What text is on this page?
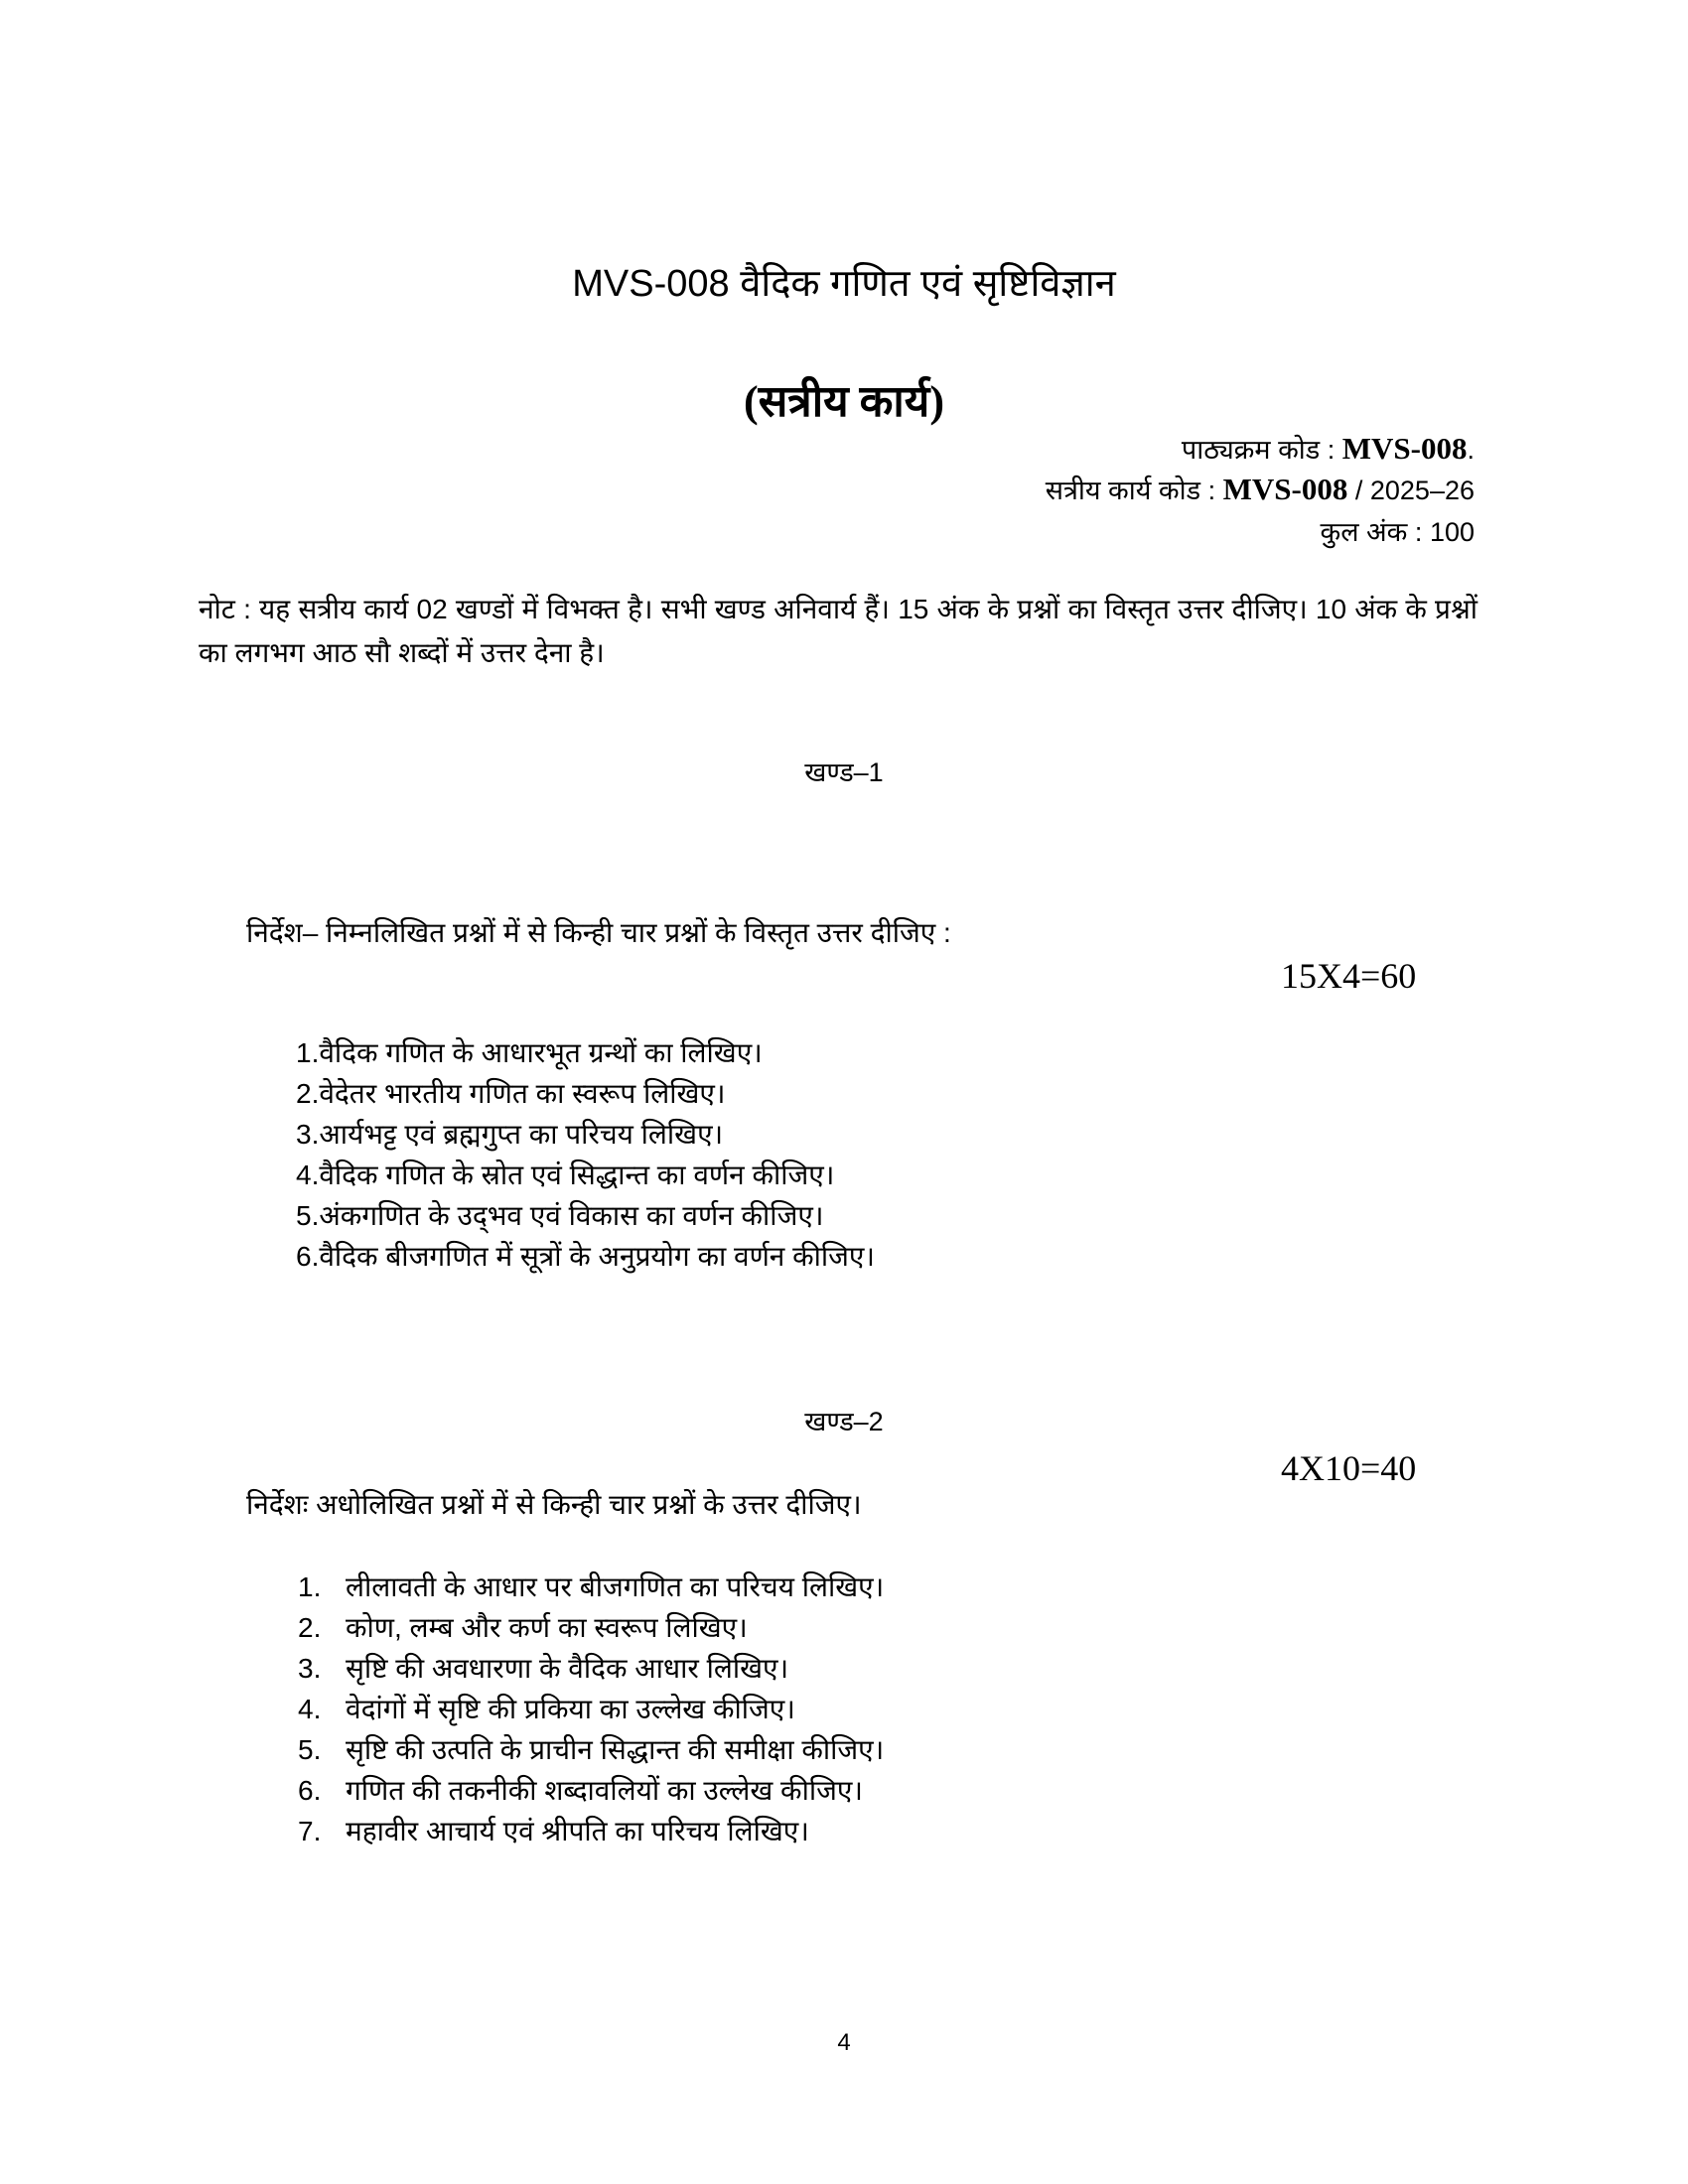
MVS-008 वैदिक गणित एवं सृष्टिविज्ञान
(सत्रीय कार्य)
पाठ्यक्रम कोड : MVS-008.
सत्रीय कार्य कोड : MVS-008 / 2025–26
कुल अंक : 100
नोट : यह सत्रीय कार्य 02 खण्डों में विभक्त है। सभी खण्ड अनिवार्य हैं। 15 अंक के प्रश्नों का विस्तृत उत्तर दीजिए। 10 अंक के प्रश्नों का लगभग आठ सौ शब्दों में उत्तर देना है।
खण्ड–1
निर्देश– निम्नलिखित प्रश्नों में से किन्ही चार प्रश्नों के विस्तृत उत्तर दीजिए :
15X4=60
1.वैदिक गणित के आधारभूत ग्रन्थों का लिखिए।
2.वेदेतर भारतीय गणित का स्वरूप लिखिए।
3.आर्यभट्ट एवं ब्रह्मगुप्त का परिचय लिखिए।
4.वैदिक गणित के स्रोत एवं सिद्धान्त का वर्णन कीजिए।
5.अंकगणित के उद्‌भव एवं विकास का वर्णन कीजिए।
6.वैदिक बीजगणित में सूत्रों के अनुप्रयोग का वर्णन कीजिए।
खण्ड–2
4X10=40
निर्देशः अधोलिखित प्रश्नों में से किन्ही चार प्रश्नों के उत्तर दीजिए।
1. लीलावती के आधार पर बीजगणित का परिचय लिखिए।
2. कोण, लम्ब और कर्ण का स्वरूप लिखिए।
3. सृष्टि की अवधारणा के वैदिक आधार लिखिए।
4. वेदांगों में सृष्टि की प्रकिया का उल्लेख कीजिए।
5. सृष्टि की उत्पति के प्राचीन सिद्धान्त की समीक्षा कीजिए।
6. गणित की तकनीकी शब्दावलियों का उल्लेख कीजिए।
7. महावीर आचार्य एवं श्रीपति का परिचय लिखिए।
4
